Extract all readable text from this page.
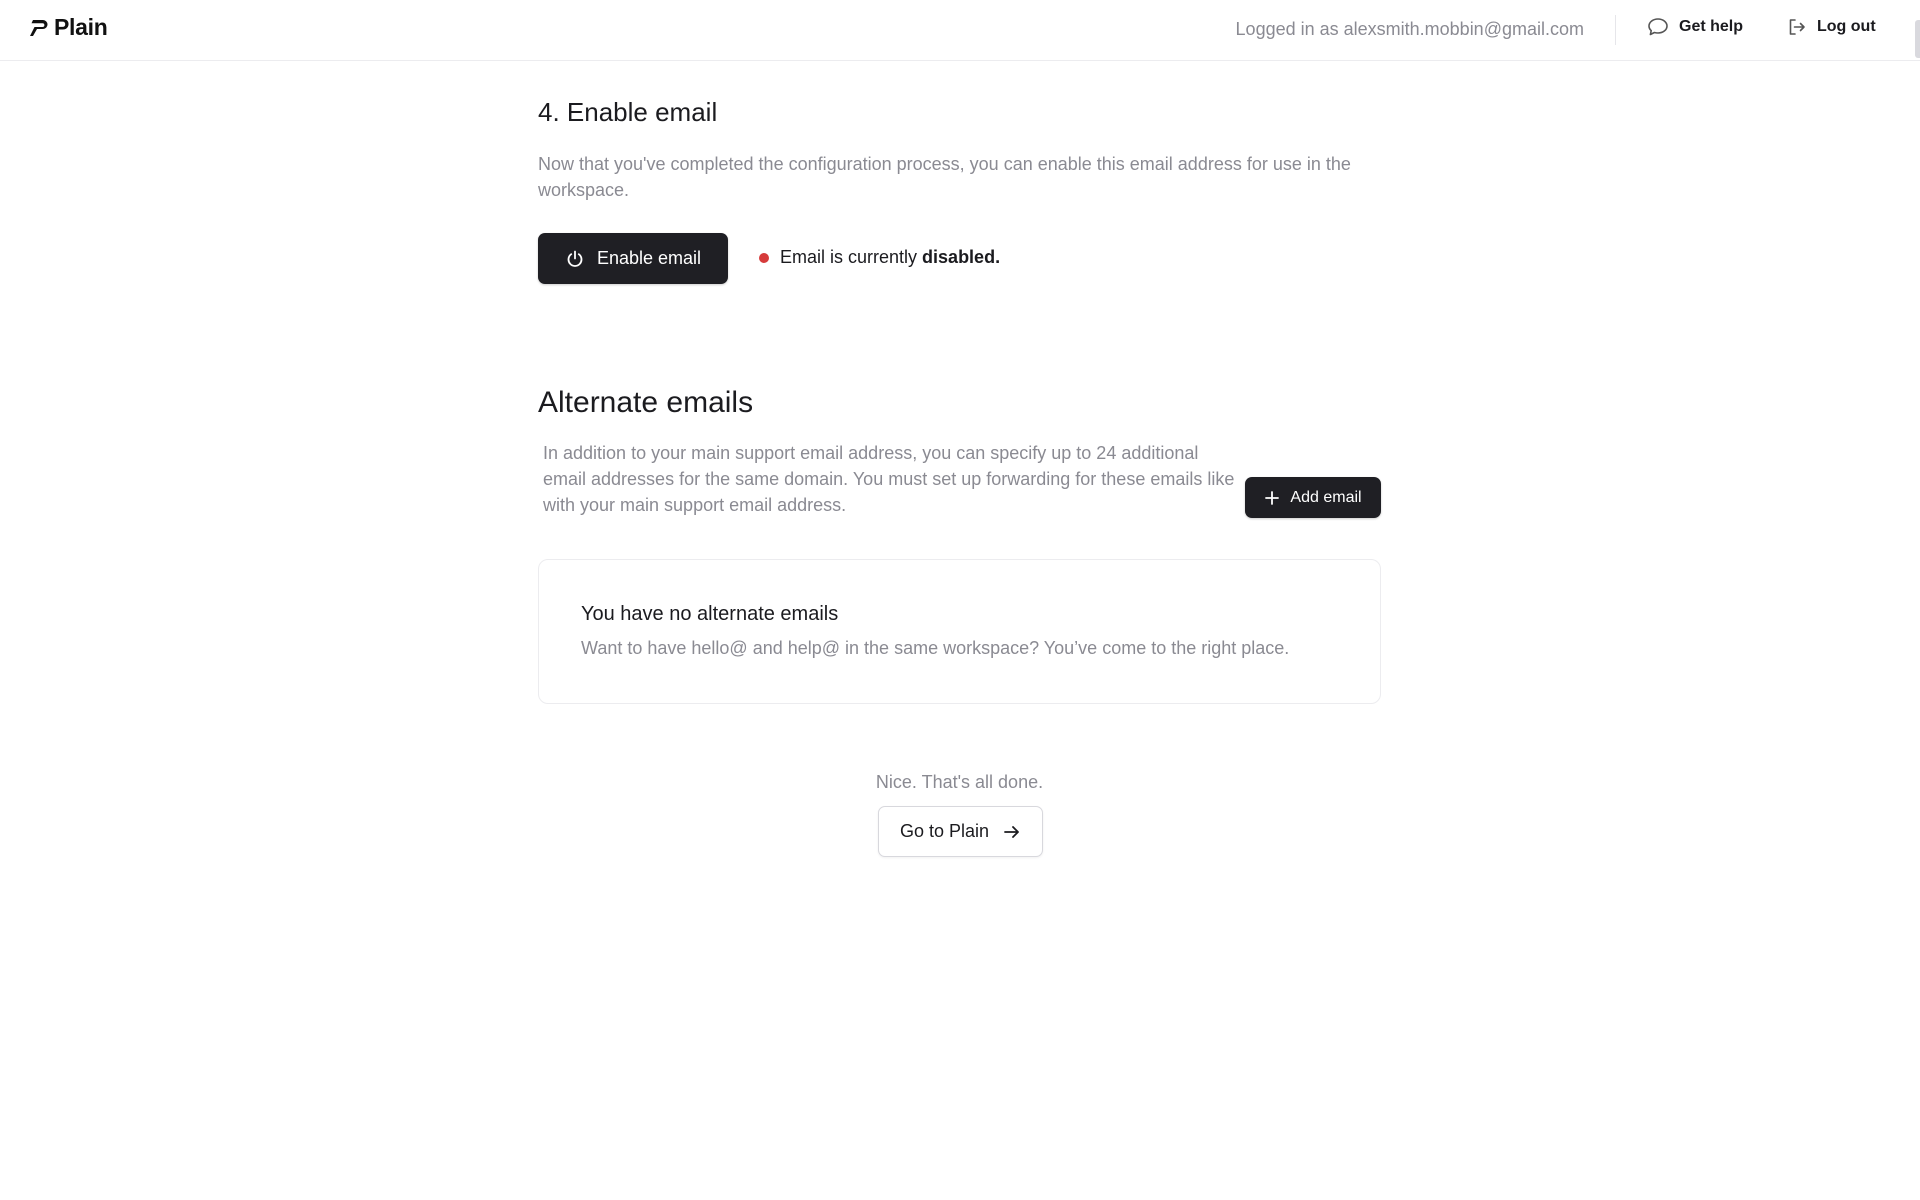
Plain	Logged in as alexsmith.mobbin@gmail.com	Get help	Log out
4. Enable email

Now that you've completed the configuration process, you can enable this email address for use in the workspace.

Enable email	Email is currently disabled.
Alternate emails

In addition to your main support email address, you can specify up to 24 additional email addresses for the same domain. You must set up forwarding for these emails like with your main support email address.	Add email
You have no alternate emails
Want to have hello@ and help@ in the same workspace? You’ve come to the right place.
Nice. That's all done.
Go to Plain
